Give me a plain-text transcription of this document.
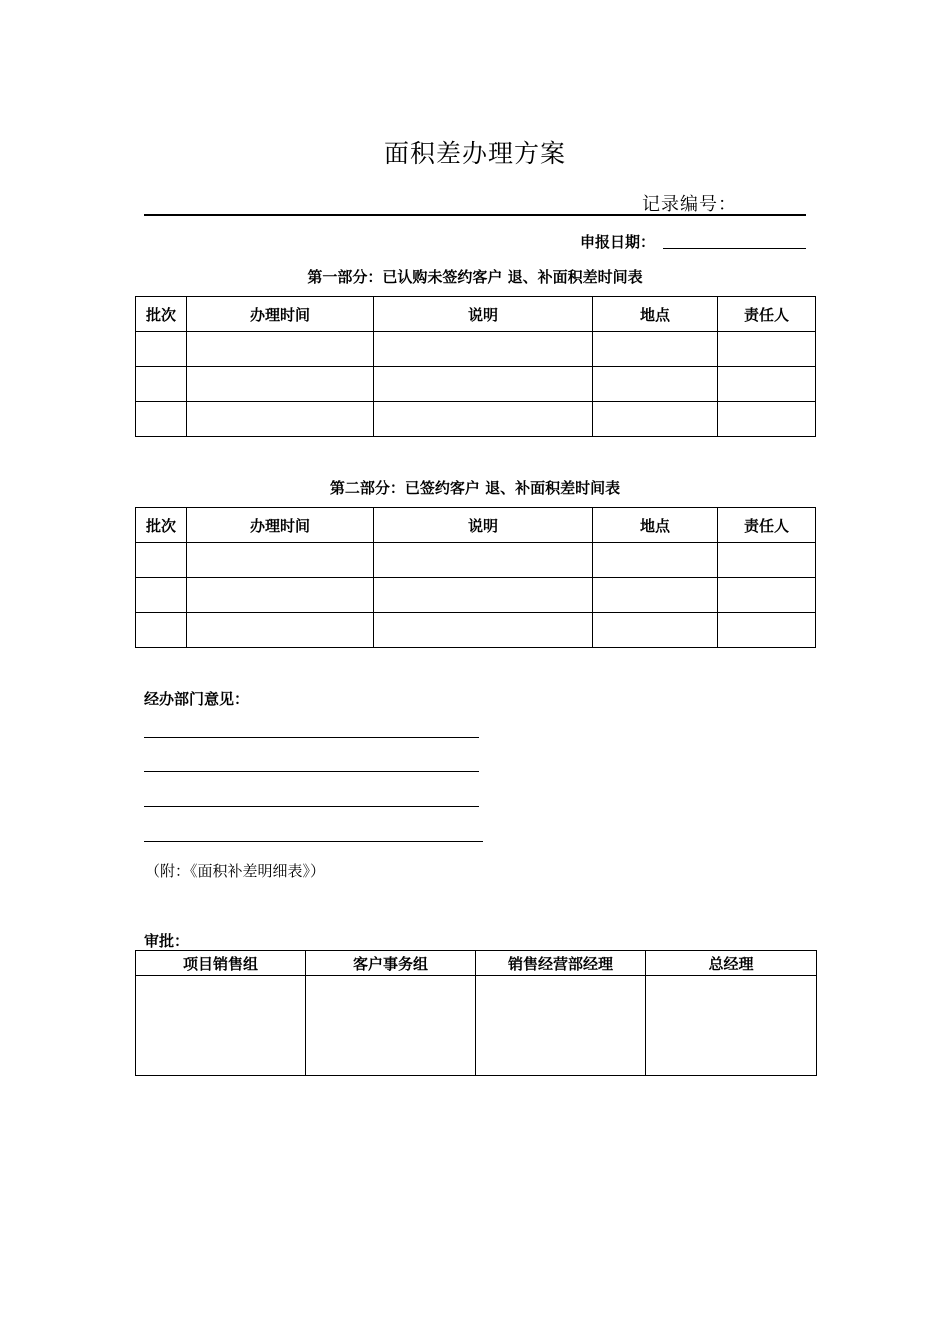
面积差办理方案
记录编号：
申报日期：
第一部分：已认购未签约客户 退、补面积差时间表
批次	办理时间	说明	地点	责任人

第二部分：已签约客户 退、补面积差时间表
批次	办理时间	说明	地点	责任人

经办部门意见：
（附：《面积补差明细表》）
审批：
项目销售组	客户事务组	销售经营部经理	总经理
